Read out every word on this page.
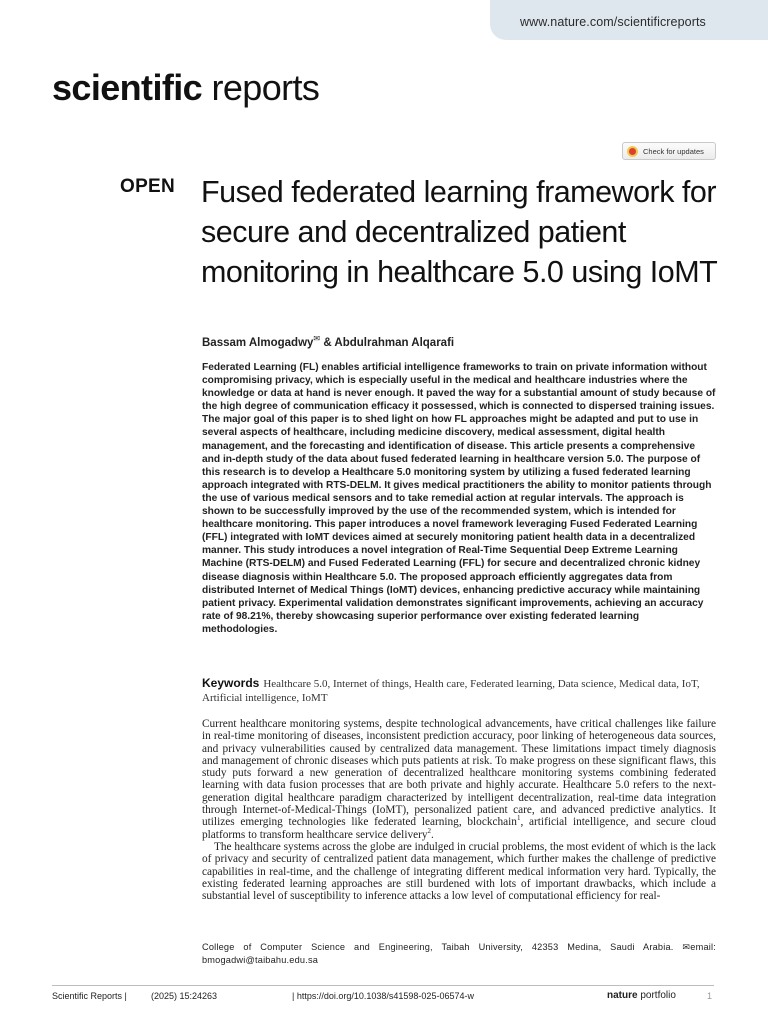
www.nature.com/scientificreports
scientific reports
Check for updates
OPEN Fused federated learning framework for secure and decentralized patient monitoring in healthcare 5.0 using IoMT
Bassam Almogadwy✉ & Abdulrahman Alqarafi
Federated Learning (FL) enables artificial intelligence frameworks to train on private information without compromising privacy, which is especially useful in the medical and healthcare industries where the knowledge or data at hand is never enough. It paved the way for a substantial amount of study because of the high degree of communication efficacy it possessed, which is connected to dispersed training issues. The major goal of this paper is to shed light on how FL approaches might be adapted and put to use in several aspects of healthcare, including medicine discovery, medical assessment, digital health management, and the forecasting and identification of disease. This article presents a comprehensive and in-depth study of the data about fused federated learning in healthcare version 5.0. The purpose of this research is to develop a Healthcare 5.0 monitoring system by utilizing a fused federated learning approach integrated with RTS-DELM. It gives medical practitioners the ability to monitor patients through the use of various medical sensors and to take remedial action at regular intervals. The approach is shown to be successfully improved by the use of the recommended system, which is intended for healthcare monitoring. This paper introduces a novel framework leveraging Fused Federated Learning (FFL) integrated with IoMT devices aimed at securely monitoring patient health data in a decentralized manner. This study introduces a novel integration of Real-Time Sequential Deep Extreme Learning Machine (RTS-DELM) and Fused Federated Learning (FFL) for secure and decentralized chronic kidney disease diagnosis within Healthcare 5.0. The proposed approach efficiently aggregates data from distributed Internet of Medical Things (IoMT) devices, enhancing predictive accuracy while maintaining patient privacy. Experimental validation demonstrates significant improvements, achieving an accuracy rate of 98.21%, thereby showcasing superior performance over existing federated learning methodologies.
Keywords Healthcare 5.0, Internet of things, Health care, Federated learning, Data science, Medical data, IoT, Artificial intelligence, IoMT

Current healthcare monitoring systems, despite technological advancements, have critical challenges like failure in real-time monitoring of diseases, inconsistent prediction accuracy, poor linking of heterogeneous data sources, and privacy vulnerabilities caused by centralized data management. These limitations impact timely diagnosis and management of chronic diseases which puts patients at risk. To make progress on these significant flaws, this study puts forward a new generation of decentralized healthcare monitoring systems combining federated learning with data fusion processes that are both private and highly accurate. Healthcare 5.0 refers to the next-generation digital healthcare paradigm characterized by intelligent decentralization, real-time data integration through Internet-of-Medical-Things (IoMT), personalized patient care, and advanced predictive analytics. It utilizes emerging technologies like federated learning, blockchain$^1$, artificial intelligence, and secure cloud platforms to transform healthcare service delivery$^2$.

The healthcare systems across the globe are indulged in crucial problems, the most evident of which is the lack of privacy and security of centralized patient data management, which further makes the challenge of predictive capabilities in real-time, and the challenge of integrating different medical information very hard. Typically, the existing federated learning approaches are still burdened with lots of important drawbacks, which include a substantial level of susceptibility to inference attacks a low level of computational efficiency for real-

College of Computer Science and Engineering, Taibah University, 42353 Medina, Saudi Arabia. ✉email: bmogadwi@taibahu.edu.sa
Scientific Reports |	(2025) 15:24263	| https://doi.org/10.1038/s41598-025-06574-w	nature portfolio	1
